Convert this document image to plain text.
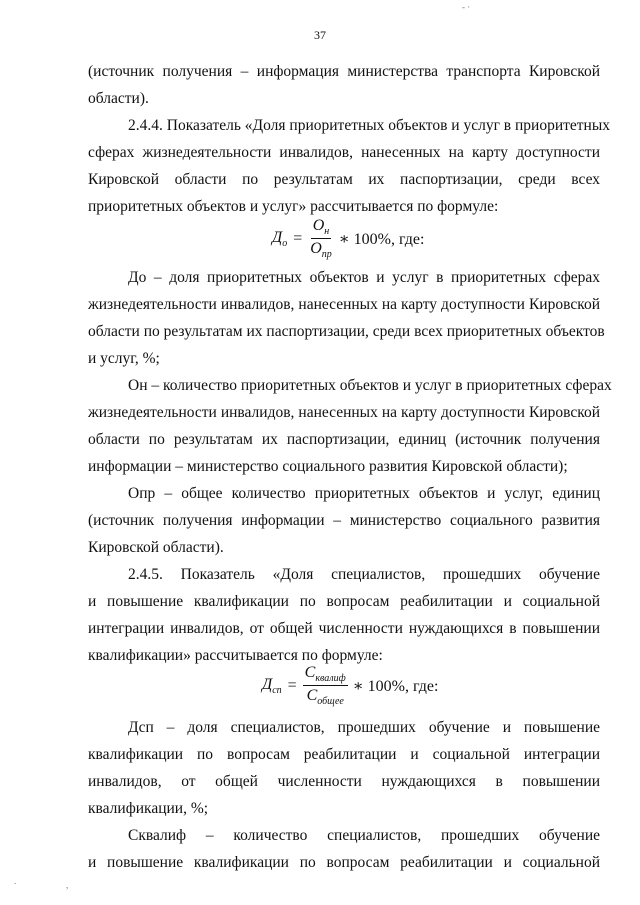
37
- ·
(источник получения – информация министерства транспорта Кировской
области).
2.4.4. Показатель «Доля приоритетных объектов и услуг в приоритетных
сферах жизнедеятельности инвалидов, нанесенных на карту доступности
Кировской области по результатам их паспортизации, среди всех
приоритетных объектов и услуг» рассчитывается по формуле:
$Д_о = \frac{О_н}{О_{пр}}$ ∗ 100%, где:
До – доля приоритетных объектов и услуг в приоритетных сферах
жизнедеятельности инвалидов, нанесенных на карту доступности Кировской
области по результатам их паспортизации, среди всех приоритетных объектов
и услуг, %;
Он – количество приоритетных объектов и услуг в приоритетных сферах
жизнедеятельности инвалидов, нанесенных на карту доступности Кировской
области по результатам их паспортизации, единиц (источник получения
информации – министерство социального развития Кировской области);
Опр – общее количество приоритетных объектов и услуг, единиц
(источник получения информации – министерство социального развития
Кировской области).
2.4.5. Показатель «Доля специалистов, прошедших обучение
и повышение квалификации по вопросам реабилитации и социальной
интеграции инвалидов, от общей численности нуждающихся в повышении
квалификации» рассчитывается по формуле:
$Д_{сп} = \frac{С_{квалиф}}{С_{общее}}$ ∗ 100%, где:
Дсп – доля специалистов, прошедших обучение и повышение
квалификации по вопросам реабилитации и социальной интеграции
инвалидов, от общей численности нуждающихся в повышении
квалификации, %;
Сквалиф – количество специалистов, прошедших обучение
и повышение квалификации по вопросам реабилитации и социальной
.	,
